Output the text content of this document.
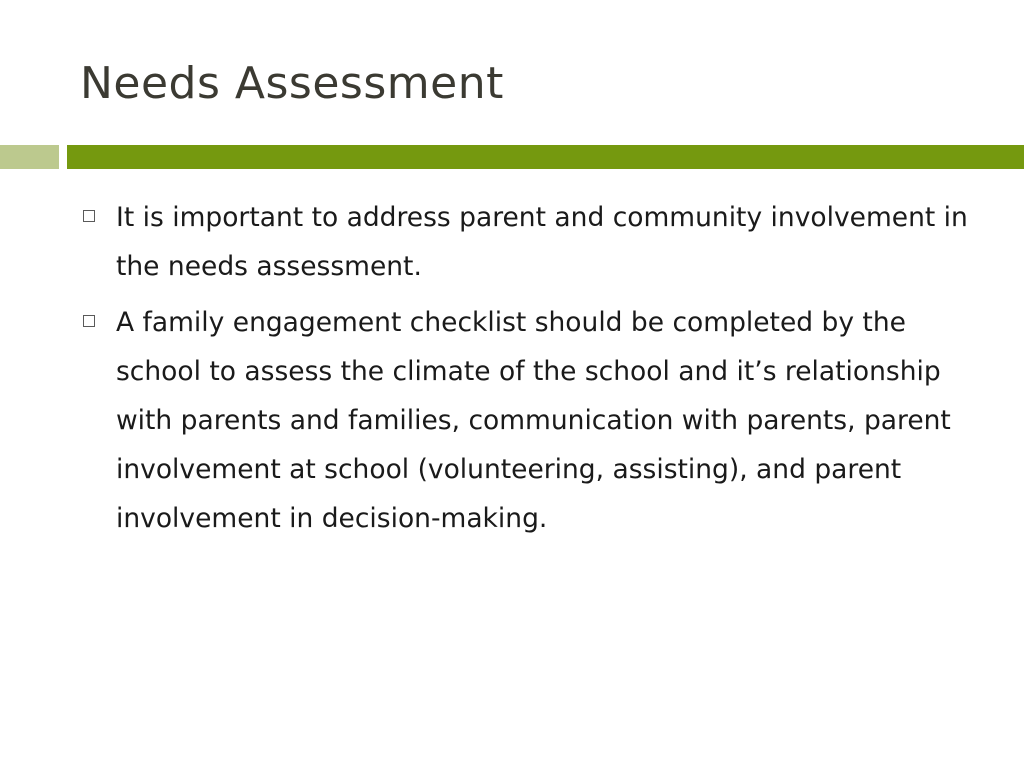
Needs Assessment
It is important to address parent and community involvement in the needs assessment.
A family engagement checklist should be completed by the school to assess the climate of the school and it’s relationship with parents and families, communication with parents, parent involvement at school (volunteering, assisting), and parent involvement in decision-making.
